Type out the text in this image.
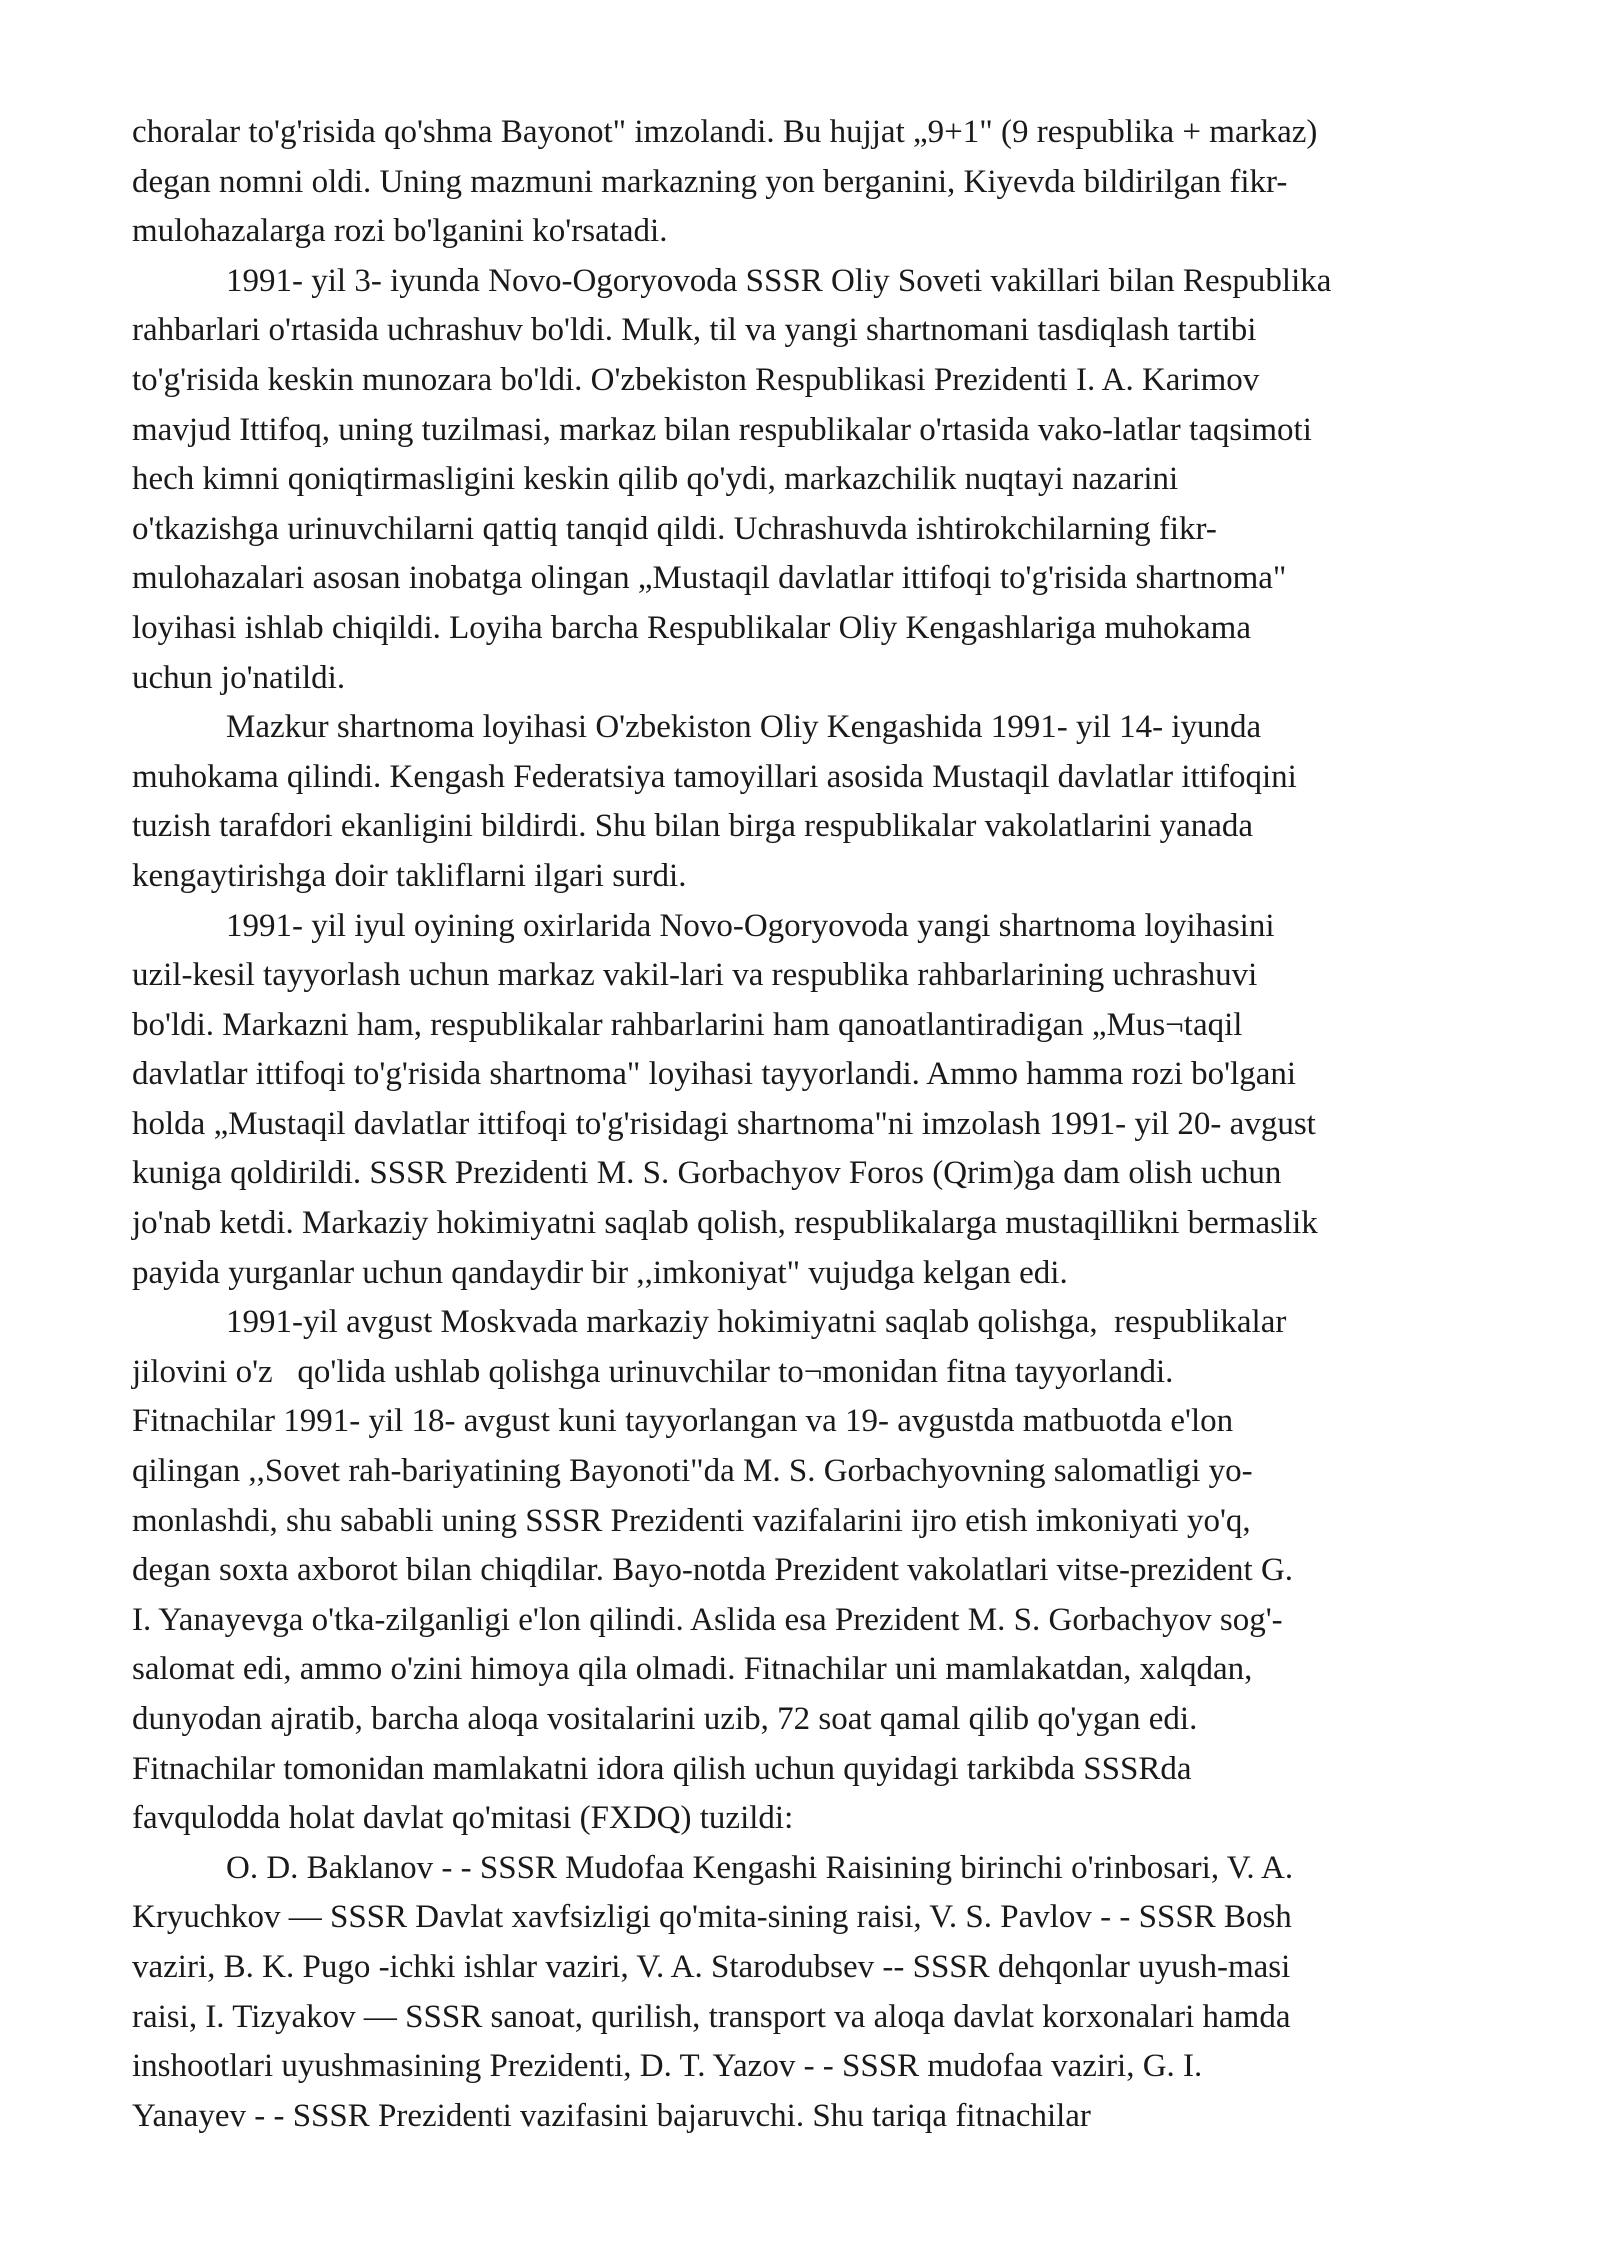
choralar to'g'risida qo'shma Bayonot" imzolandi. Bu hujjat „9+1" (9 respublika + markaz)
degan nomni oldi. Uning mazmuni markazning yon berganini, Kiyevda bildirilgan fikr-
mulohazalarga rozi bo'lganini ko'rsatadi.
1991- yil 3- iyunda Novo-Ogoryovoda SSSR Oliy Soveti vakillari bilan Respublika
rahbarlari o'rtasida uchrashuv bo'ldi. Mulk, til va yangi shartnomani tasdiqlash tartibi
to'g'risida keskin munozara bo'ldi. O'zbekiston Respublikasi Prezidenti I. A. Karimov
mavjud Ittifoq, uning tuzilmasi, markaz bilan respublikalar o'rtasida vako-latlar taqsimoti
hech kimni qoniqtirmasligini keskin qilib qo'ydi, markazchilik nuqtayi nazarini
o'tkazishga urinuvchilarni qattiq tanqid qildi. Uchrashuvda ishtirokchilarning fikr-
mulohazalari asosan inobatga olingan „Mustaqil davlatlar ittifoqi to'g'risida shartnoma"
loyihasi ishlab chiqildi. Loyiha barcha Respublikalar Oliy Kengashlariga muhokama
uchun jo'natildi.
Mazkur shartnoma loyihasi O'zbekiston Oliy Kengashida 1991- yil 14- iyunda
muhokama qilindi. Kengash Federatsiya tamoyillari asosida Mustaqil davlatlar ittifoqini
tuzish tarafdori ekanligini bildirdi. Shu bilan birga respublikalar vakolatlarini yanada
kengaytirishga doir takliflarni ilgari surdi.
1991- yil iyul oyining oxirlarida Novo-Ogoryovoda yangi shartnoma loyihasini
uzil-kesil tayyorlash uchun markaz vakil-lari va respublika rahbarlarining uchrashuvi
bo'ldi. Markazni ham, respublikalar rahbarlarini ham qanoatlantiradigan „Mus¬taqil
davlatlar ittifoqi to'g'risida shartnoma" loyihasi tayyorlandi. Ammo hamma rozi bo'lgani
holda „Mustaqil davlatlar ittifoqi to'g'risidagi shartnoma"ni imzolash 1991- yil 20- avgust
kuniga qoldirildi. SSSR Prezidenti M. S. Gorbachyov Foros (Qrim)ga dam olish uchun
jo'nab ketdi. Markaziy hokimiyatni saqlab qolish, respublikalarga mustaqillikni bermaslik
payida yurganlar uchun qandaydir bir ,,imkoniyat" vujudga kelgan edi.
1991-yil avgust Moskvada markaziy hokimiyatni saqlab qolishga,  respublikalar
jilovini o'z   qo'lida ushlab qolishga urinuvchilar to¬monidan fitna tayyorlandi.
Fitnachilar 1991- yil 18- avgust kuni tayyorlangan va 19- avgustda matbuotda e'lon
qilingan ,,Sovet rah-bariyatining Bayonoti"da M. S. Gorbachyovning salomatligi yo-
monlashdi, shu sababli uning SSSR Prezidenti vazifalarini ijro etish imkoniyati yo'q,
degan soxta axborot bilan chiqdilar. Bayo-notda Prezident vakolatlari vitse-prezident G.
I. Yanayevga o'tka-zilganligi e'lon qilindi. Aslida esa Prezident M. S. Gorbachyov sog'-
salomat edi, ammo o'zini himoya qila olmadi. Fitnachilar uni mamlakatdan, xalqdan,
dunyodan ajratib, barcha aloqa vositalarini uzib, 72 soat qamal qilib qo'ygan edi.
Fitnachilar tomonidan mamlakatni idora qilish uchun quyidagi tarkibda SSSRda
favqulodda holat davlat qo'mitasi (FXDQ) tuzildi:
O. D. Baklanov - - SSSR Mudofaa Kengashi Raisining birinchi o'rinbosari, V. A.
Kryuchkov — SSSR Davlat xavfsizligi qo'mita-sining raisi, V. S. Pavlov - - SSSR Bosh
vaziri, B. K. Pugo -ichki ishlar vaziri, V. A. Starodubsev -- SSSR dehqonlar uyush-masi
raisi, I. Tizyakov — SSSR sanoat, qurilish, transport va aloqa davlat korxonalari hamda
inshootlari uyushmasining Prezidenti, D. T. Yazov - - SSSR mudofaa vaziri, G. I.
Yanayev - - SSSR Prezidenti vazifasini bajaruvchi. Shu tariqa fitnachilar
